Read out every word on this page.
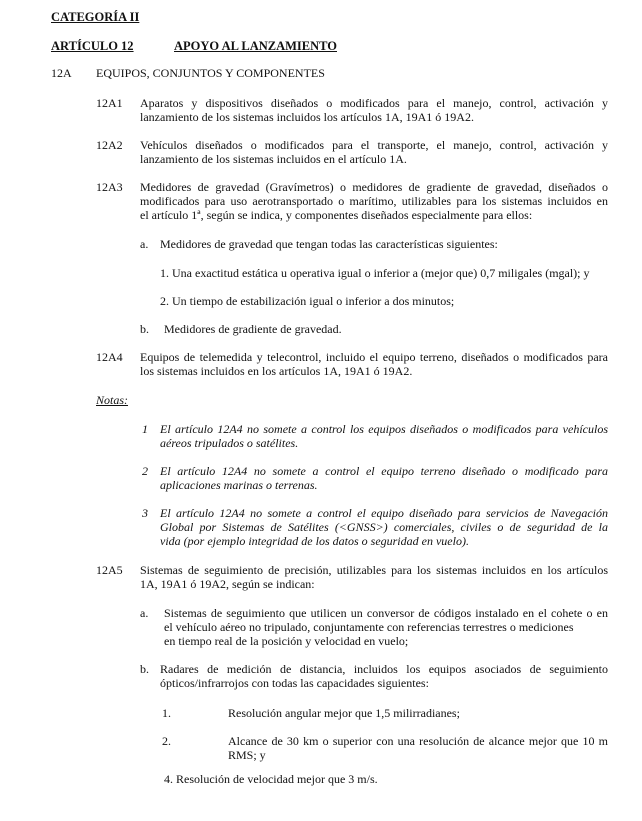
CATEGORÍA II
ARTÍCULO 12	APOYO AL LANZAMIENTO
12A EQUIPOS, CONJUNTOS Y COMPONENTES
12A1 Aparatos y dispositivos diseñados o modificados para el manejo, control, activación y
lanzamiento de los sistemas incluidos los artículos 1A, 19A1 ó 19A2.
12A2 Vehículos diseñados o modificados para el transporte, el manejo, control, activación y
lanzamiento de los sistemas incluidos en el artículo 1A.
12A3 Medidores de gravedad (Gravímetros) o medidores de gradiente de gravedad, diseñados o
modificados para uso aerotransportado o marítimo, utilizables para los sistemas incluidos en
el artículo 1ª, según se indica, y componentes diseñados especialmente para ellos:
a. Medidores de gravedad que tengan todas las características siguientes:
1. Una exactitud estática u operativa igual o inferior a (mejor que) 0,7 miligales (mgal); y
2. Un tiempo de estabilización igual o inferior a dos minutos;
b. Medidores de gradiente de gravedad.
12A4 Equipos de telemedida y telecontrol, incluido el equipo terreno, diseñados o modificados para
los sistemas incluidos en los artículos 1A, 19A1 ó 19A2.
Notas:
1 El artículo 12A4 no somete a control los equipos diseñados o modificados para vehículos
aéreos tripulados o satélites.
2 El artículo 12A4 no somete a control el equipo terreno diseñado o modificado para
aplicaciones marinas o terrenas.
3 El artículo 12A4 no somete a control el equipo diseñado para servicios de Navegación
Global por Sistemas de Satélites (<GNSS>) comerciales, civiles o de seguridad de la
vida (por ejemplo integridad de los datos o seguridad en vuelo).
12A5 Sistemas de seguimiento de precisión, utilizables para los sistemas incluidos en los artículos
1A, 19A1 ó 19A2, según se indican:
a. Sistemas de seguimiento que utilicen un conversor de códigos instalado en el cohete o en
el vehículo aéreo no tripulado, conjuntamente con referencias terrestres o mediciones
en tiempo real de la posición y velocidad en vuelo;
b. Radares de medición de distancia, incluidos los equipos asociados de seguimiento
ópticos/infrarrojos con todas las capacidades siguientes:
1.	Resolución angular mejor que 1,5 milirradianes;
2.	Alcance de 30 km o superior con una resolución de alcance mejor que 10 m
RMS; y
4. Resolución de velocidad mejor que 3 m/s.
